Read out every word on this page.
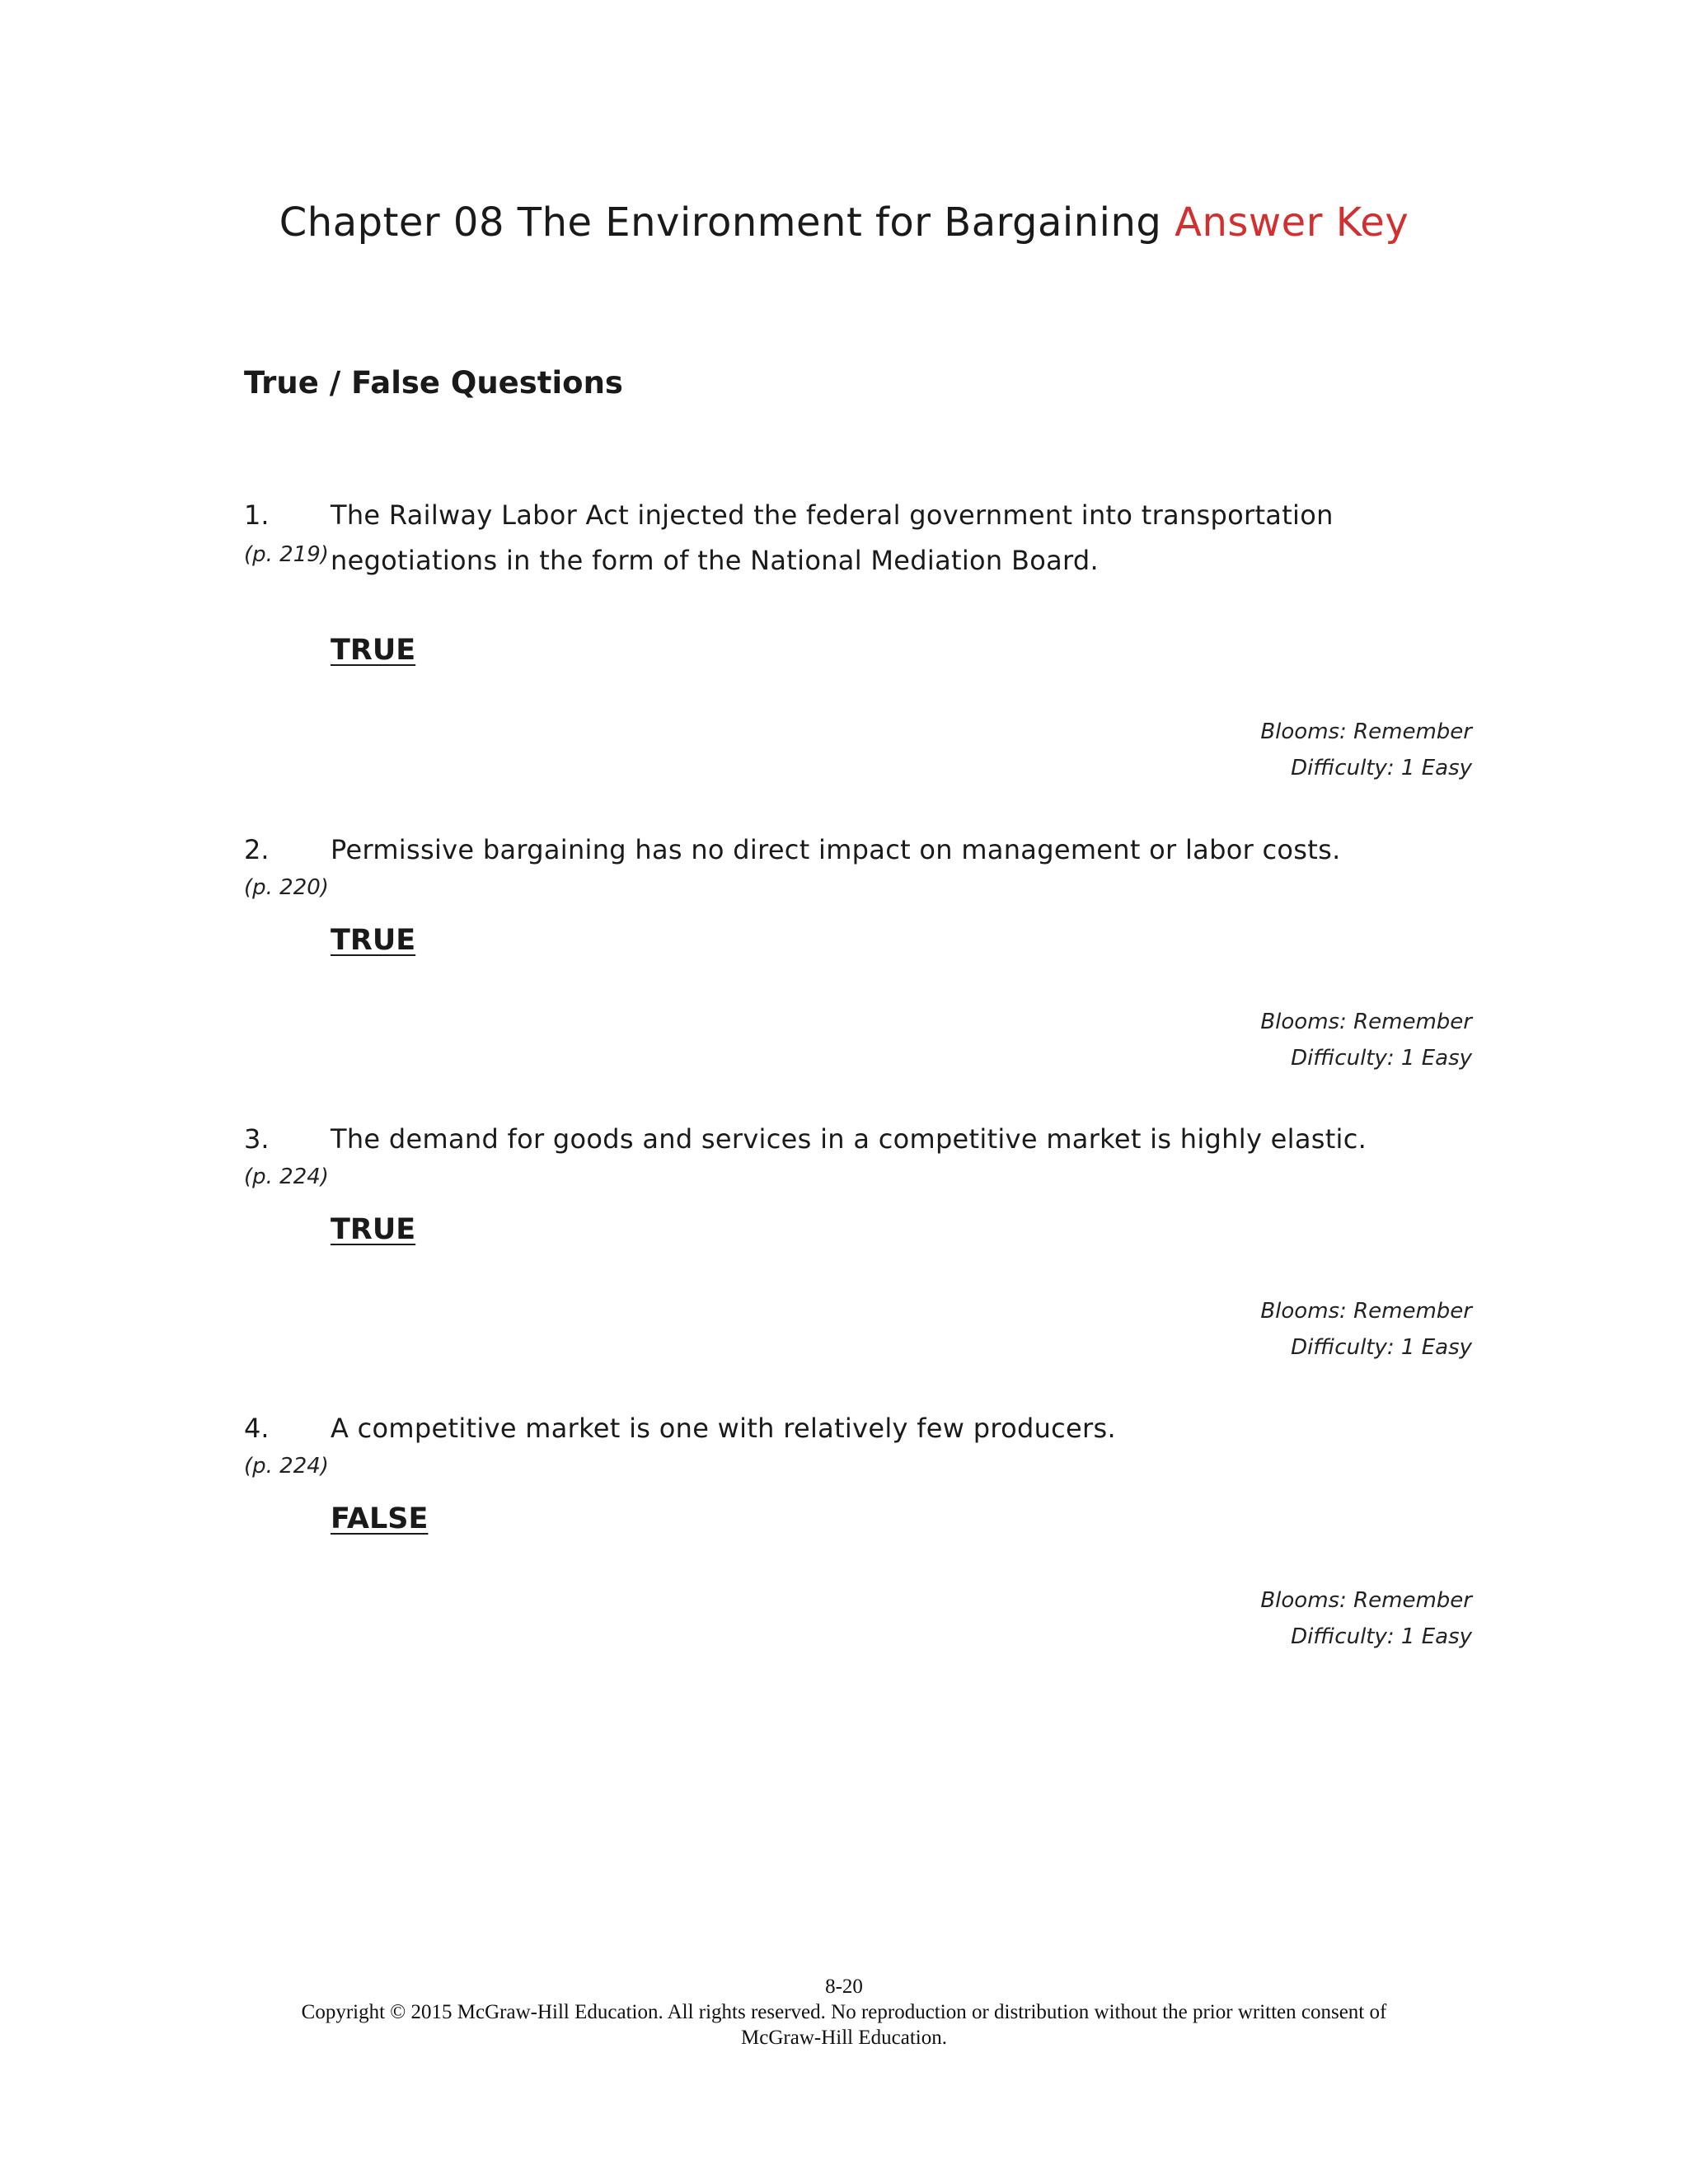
Chapter 08 The Environment for Bargaining Answer Key
True / False Questions
1.
(p. 219)
The Railway Labor Act injected the federal government into transportation negotiations in the form of the National Mediation Board.
TRUE
Blooms: Remember
Difficulty: 1 Easy
2.
(p. 220)
Permissive bargaining has no direct impact on management or labor costs.
TRUE
Blooms: Remember
Difficulty: 1 Easy
3.
(p. 224)
The demand for goods and services in a competitive market is highly elastic.
TRUE
Blooms: Remember
Difficulty: 1 Easy
4.
(p. 224)
A competitive market is one with relatively few producers.
FALSE
Blooms: Remember
Difficulty: 1 Easy
8-20
Copyright © 2015 McGraw-Hill Education. All rights reserved. No reproduction or distribution without the prior written consent of McGraw-Hill Education.
